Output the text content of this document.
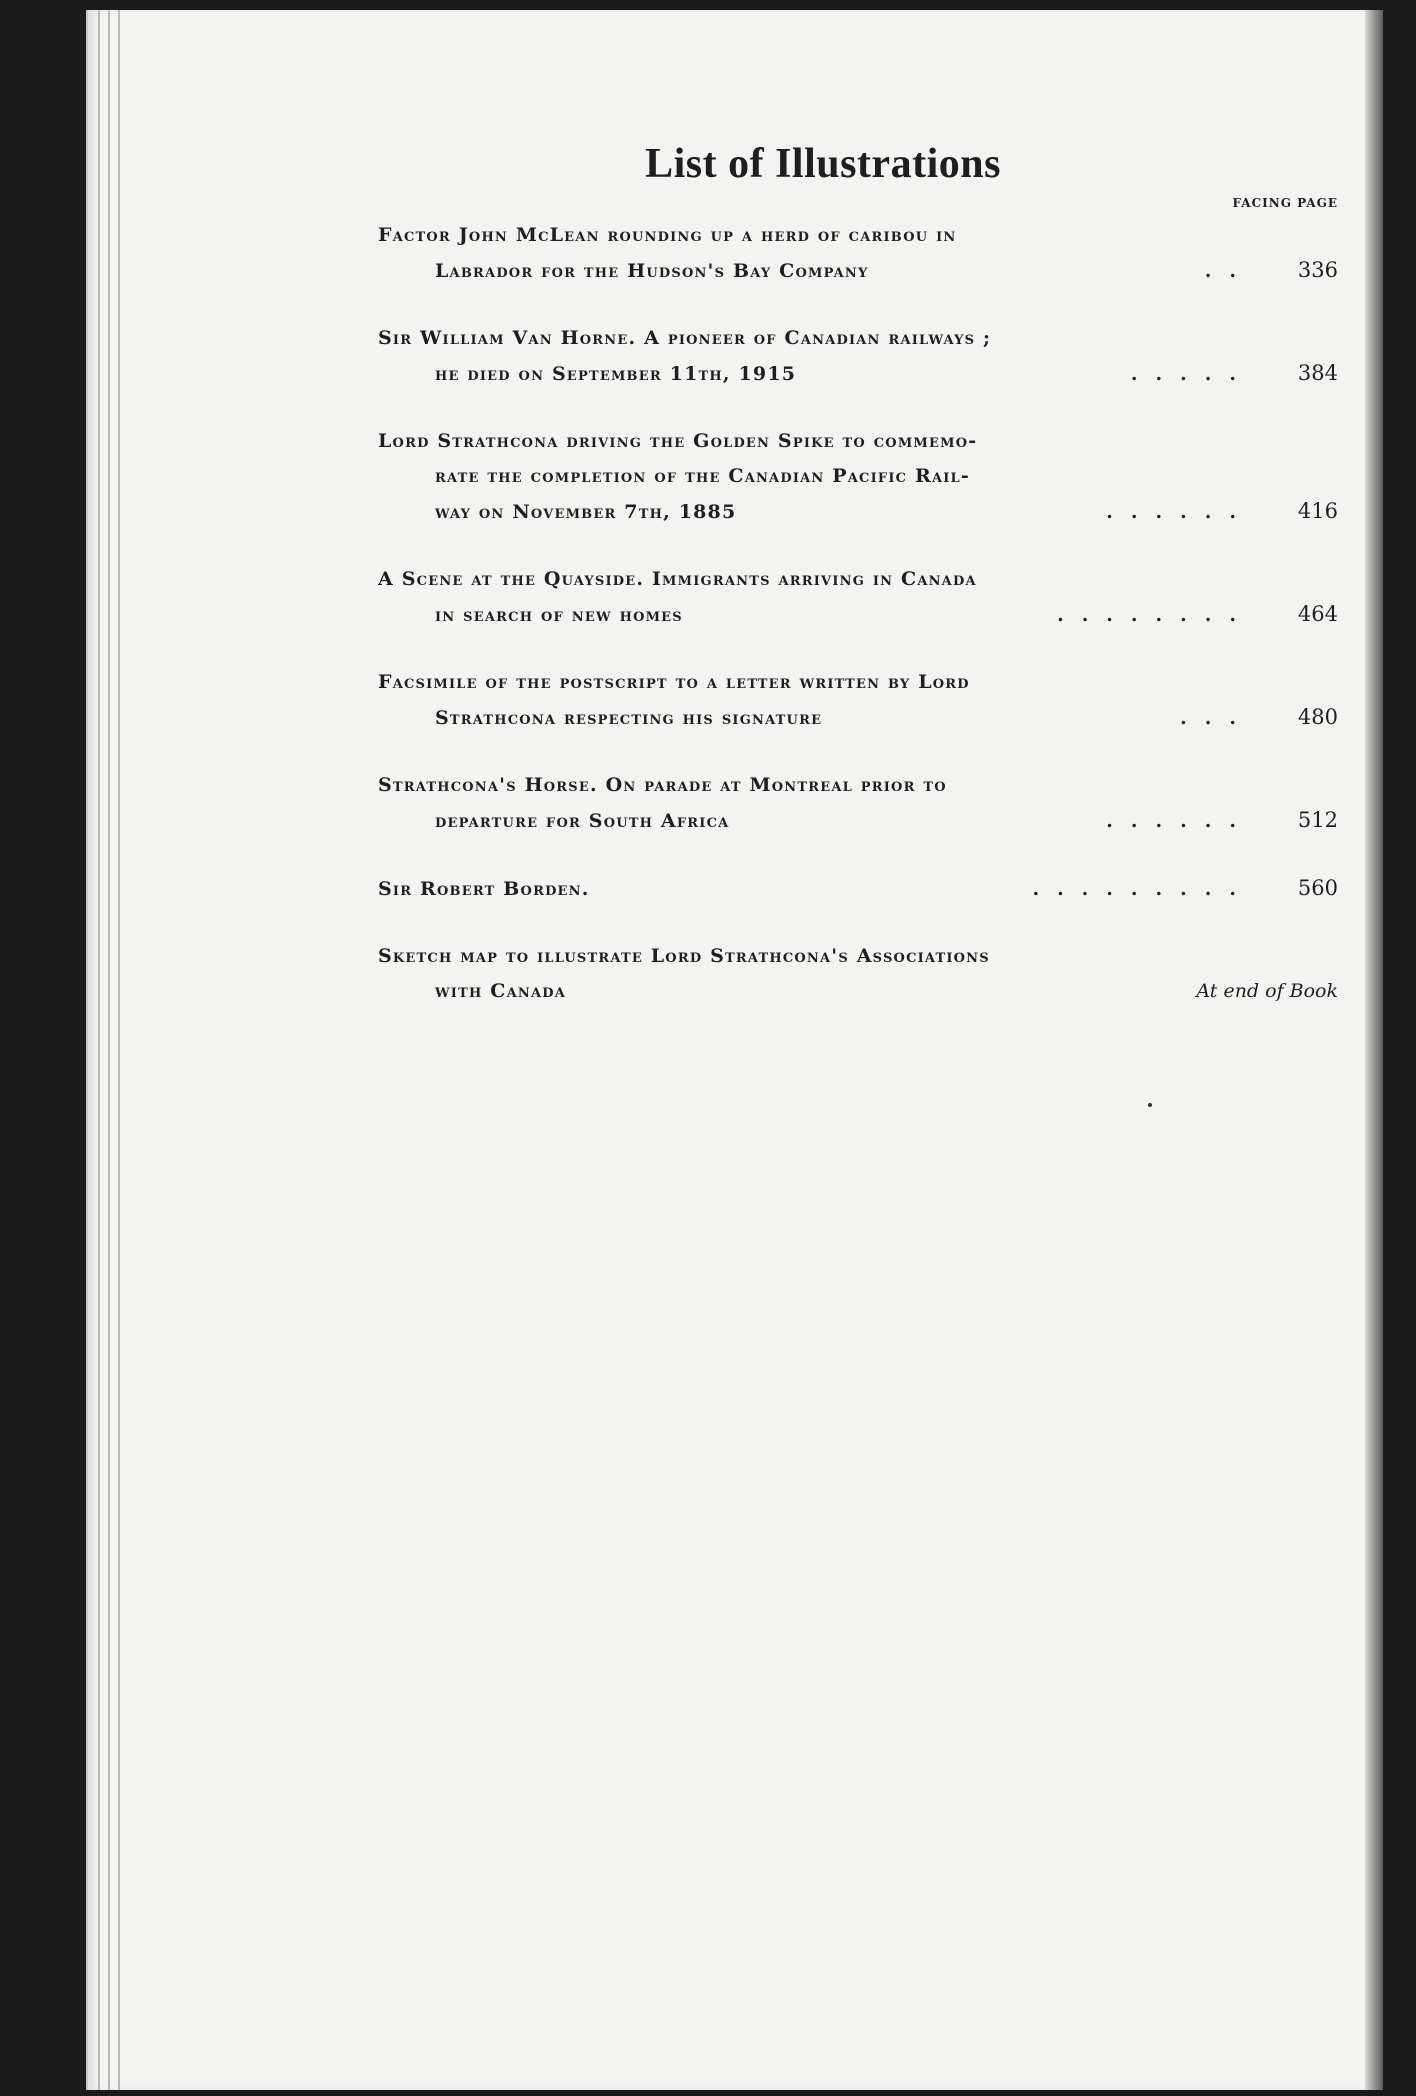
List of Illustrations
FACING PAGE
Factor John McLean rounding up a herd of caribou in
Labrador for the Hudson's Bay Company	..	336
Sir William Van Horne. A pioneer of Canadian railways ;
he died on September 11th, 1915	.....	384
Lord Strathcona driving the Golden Spike to commemo-
rate the completion of the Canadian Pacific Rail-
way on November 7th, 1885	......	416
A Scene at the Quayside. Immigrants arriving in Canada
in search of new homes	........	464
Facsimile of the postscript to a letter written by Lord
Strathcona respecting his signature	...	480
Strathcona's Horse. On parade at Montreal prior to
departure for South Africa	......	512
Sir Robert Borden.	.........	560
Sketch map to illustrate Lord Strathcona's Associations
with Canada	At end of Book
